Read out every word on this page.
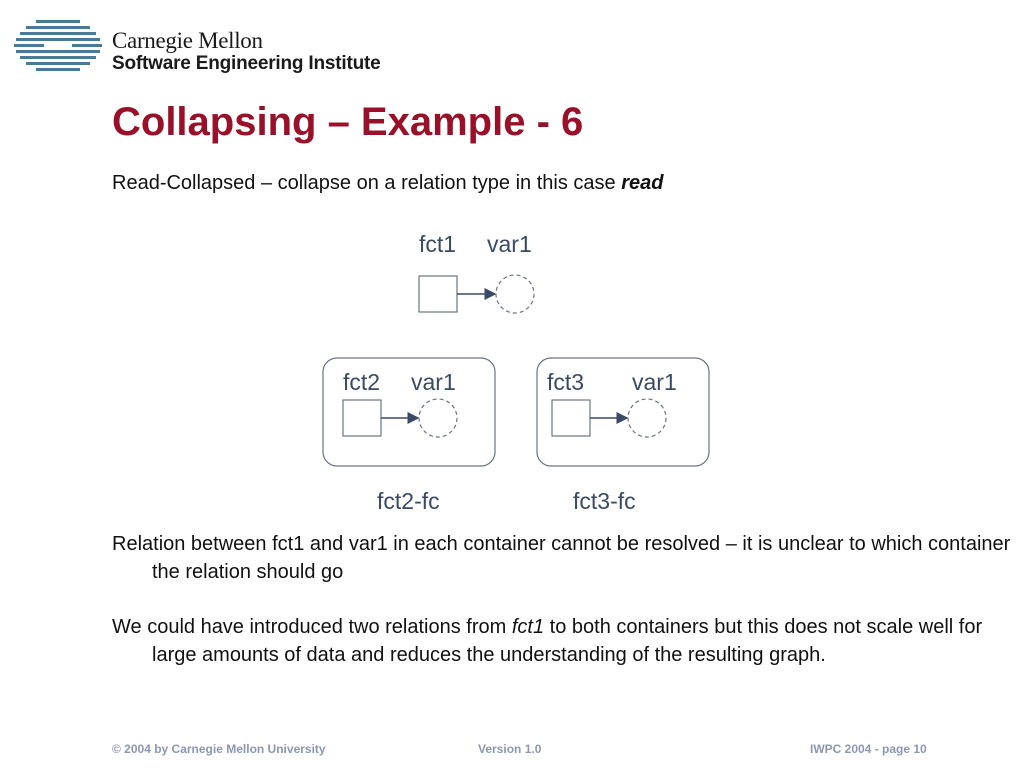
Carnegie Mellon
Software Engineering Institute
Collapsing – Example - 6
Read-Collapsed – collapse on a relation type in this case read
fct1 var1
fct2 var1	fct3 var1
fct2-fc	fct3-fc

Relation between fct1 and var1 in each container cannot be resolved – it is unclear to which container the relation should go

We could have introduced two relations from fct1 to both containers but this does not scale well for large amounts of data and reduces the understanding of the resulting graph.

© 2004 by Carnegie Mellon University	Version 1.0	IWPC 2004 - page 10
